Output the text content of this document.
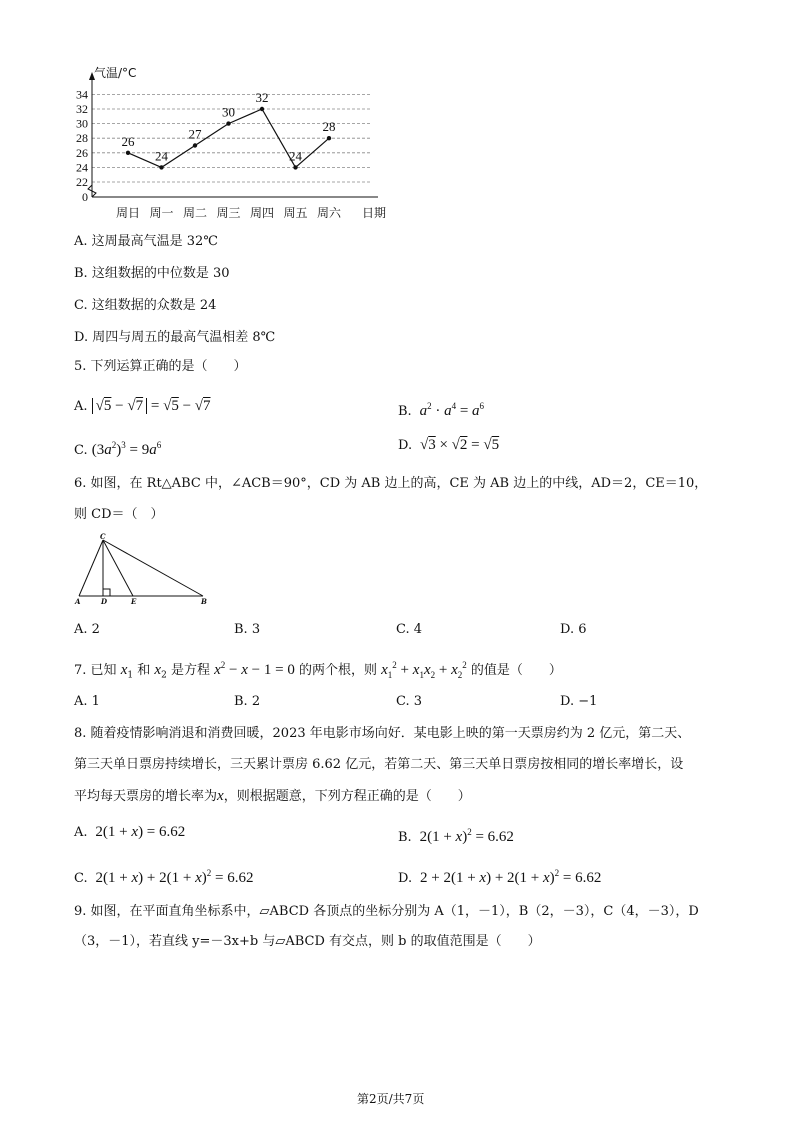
0
22
24
26
28
30
32
34
气温/°C
周日 周一 周二 周三 周四 周五 周六 日期
26
24
27
30
32
24
28
A. 这周最高气温是 32℃
B. 这组数据的中位数是 30
C. 这组数据的众数是 24
D. 周四与周五的最高气温相差 8℃
5. 下列运算正确的是（　　）
A. √5 − √7 = √5 − √7	B. $a^2 \cdot a^4 = a^6$
C. $(3a^2)^3 = 9a^6$	D.  √3 × √2 = √5
6. 如图，在 Rt△ABC 中，∠ACB＝90°，CD 为 AB 边上的高，CE 为 AB 边上的中线，AD＝2，CE＝10，
则 CD＝（　）
C
A	D	E	B
A. 2	B. 3	C. 4	D. 6
7. 已知 $x_1$ 和 $x_2$ 是方程 $x^2 - x - 1 = 0$ 的两个根，则 $x_1^2 + x_1x_2 + x_2^2$ 的值是（　　）
A. 1	B. 2	C. 3	D. −1
8. 随着疫情影响消退和消费回暖，2023 年电影市场向好．某电影上映的第一天票房约为 2 亿元，第二天、
第三天单日票房持续增长，三天累计票房 6.62 亿元，若第二天、第三天单日票房按相同的增长率增长，设
平均每天票房的增长率为x，则根据题意，下列方程正确的是（　　）
A.  2(1 + x) = 6.62	B.  $2(1 + x)^2 = 6.62$
C.  $2(1 + x) + 2(1 + x)^2 = 6.62$	D.  $2 + 2(1 + x) + 2(1 + x)^2 = 6.62$
9. 如图，在平面直角坐标系中，▱ABCD 各顶点的坐标分别为 A（1，－1），B（2，－3），C（4，－3），D
（3，－1），若直线 y=－3x+b 与▱ABCD 有交点，则 b 的取值范围是（　　）
第2页/共7页
